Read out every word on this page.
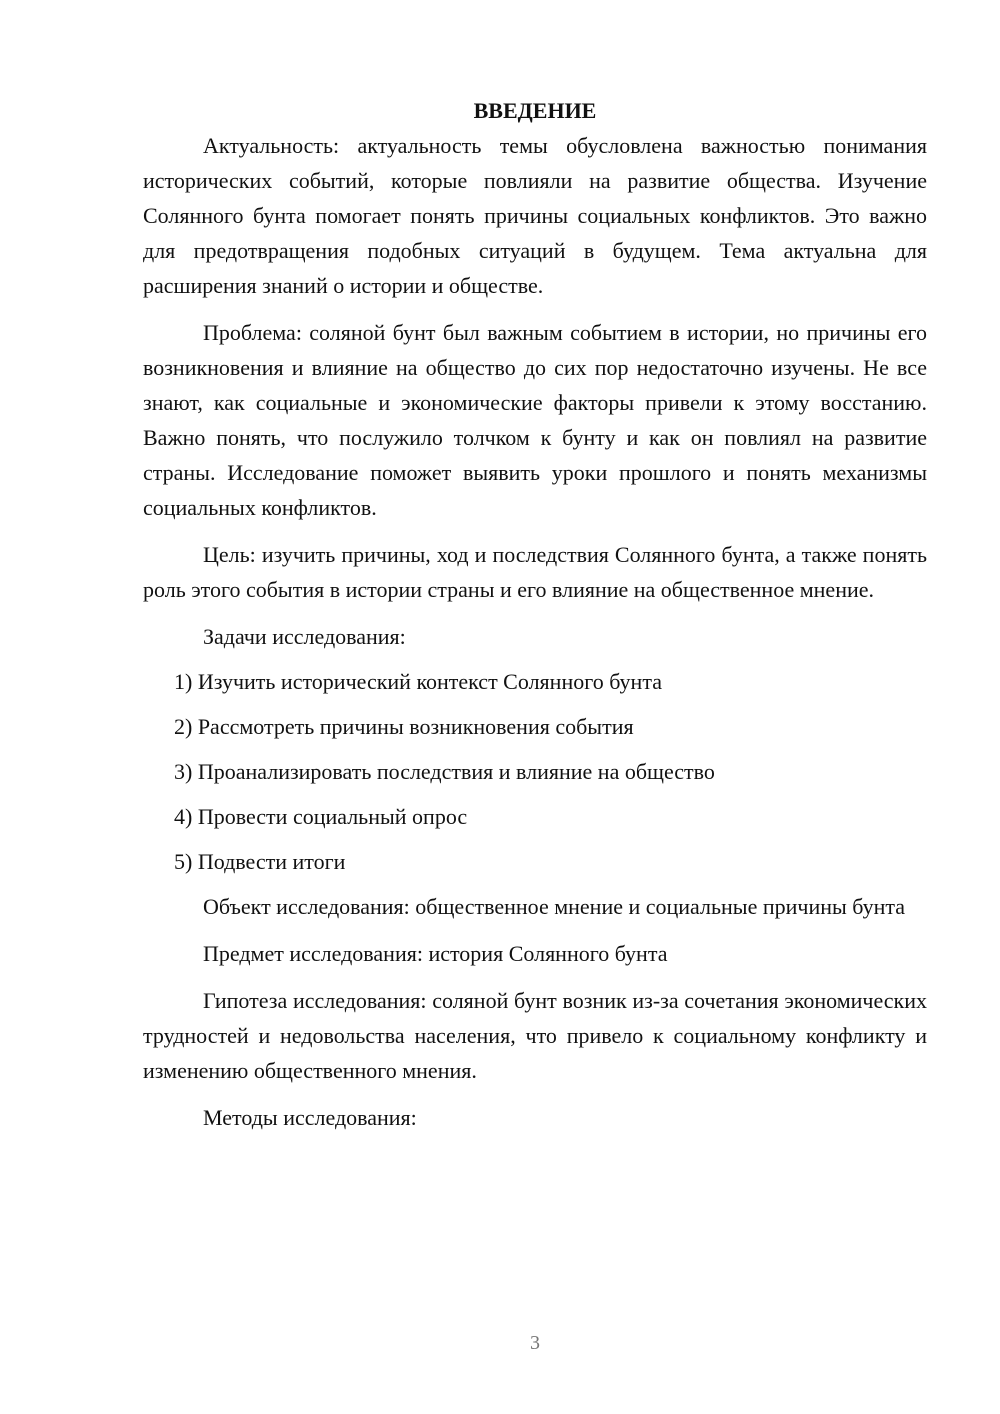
ВВЕДЕНИЕ

Актуальность: актуальность темы обусловлена важностью понимания исторических событий, которые повлияли на развитие общества. Изучение Солянного бунта помогает понять причины социальных конфликтов. Это важно для предотвращения подобных ситуаций в будущем. Тема актуальна для расширения знаний о истории и обществе.

Проблема: соляной бунт был важным событием в истории, но причины его возникновения и влияние на общество до сих пор недостаточно изучены. Не все знают, как социальные и экономические факторы привели к этому восстанию. Важно понять, что послужило толчком к бунту и как он повлиял на развитие страны. Исследование поможет выявить уроки прошлого и понять механизмы социальных конфликтов.

Цель: изучить причины, ход и последствия Солянного бунта, а также понять роль этого события в истории страны и его влияние на общественное мнение.

Задачи исследования:

1) Изучить исторический контекст Солянного бунта
2) Рассмотреть причины возникновения события
3) Проанализировать последствия и влияние на общество
4) Провести социальный опрос
5) Подвести итоги

Объект исследования: общественное мнение и социальные причины бунта

Предмет исследования: история Солянного бунта

Гипотеза исследования: соляной бунт возник из-за сочетания экономических трудностей и недовольства населения, что привело к социальному конфликту и изменению общественного мнения.

Методы исследования:

3
